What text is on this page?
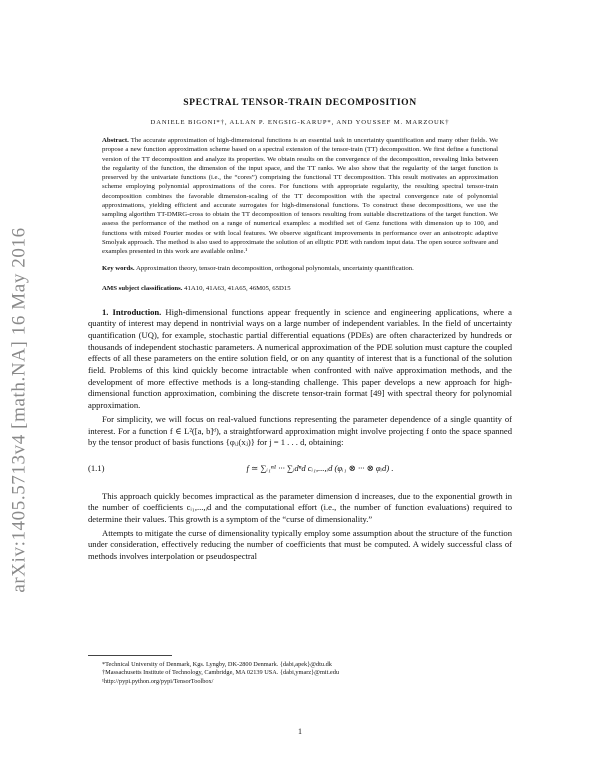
arXiv:1405.5713v4 [math.NA] 16 May 2016
SPECTRAL TENSOR-TRAIN DECOMPOSITION
DANIELE BIGONI*†, ALLAN P. ENGSIG-KARUP*, AND YOUSSEF M. MARZOUK†
Abstract. The accurate approximation of high-dimensional functions is an essential task in uncertainty quantification and many other fields. We propose a new function approximation scheme based on a spectral extension of the tensor-train (TT) decomposition. We first define a functional version of the TT decomposition and analyze its properties. We obtain results on the convergence of the decomposition, revealing links between the regularity of the function, the dimension of the input space, and the TT ranks. We also show that the regularity of the target function is preserved by the univariate functions (i.e., the “cores”) comprising the functional TT decomposition. This result motivates an approximation scheme employing polynomial approximations of the cores. For functions with appropriate regularity, the resulting spectral tensor-train decomposition combines the favorable dimension-scaling of the TT decomposition with the spectral convergence rate of polynomial approximations, yielding efficient and accurate surrogates for high-dimensional functions. To construct these decompositions, we use the sampling algorithm TT-DMRG-cross to obtain the TT decomposition of tensors resulting from suitable discretizations of the target function. We assess the performance of the method on a range of numerical examples: a modified set of Genz functions with dimension up to 100, and functions with mixed Fourier modes or with local features. We observe significant improvements in performance over an anisotropic adaptive Smolyak approach. The method is also used to approximate the solution of an elliptic PDE with random input data. The open source software and examples presented in this work are available online.¹
Key words. Approximation theory, tensor-train decomposition, orthogonal polynomials, uncertainty quantification.
AMS subject classifications. 41A10, 41A63, 41A65, 46M05, 65D15

1. Introduction. High-dimensional functions appear frequently in science and engineering applications, where a quantity of interest may depend in nontrivial ways on a large number of independent variables. In the field of uncertainty quantification (UQ), for example, stochastic partial differential equations (PDEs) are often characterized by hundreds or thousands of independent stochastic parameters. A numerical approximation of the PDE solution must capture the coupled effects of all these parameters on the entire solution field, or on any quantity of interest that is a functional of the solution field. Problems of this kind quickly become intractable when confronted with naïve approximation methods, and the development of more effective methods is a long-standing challenge. This paper develops a new approach for high-dimensional function approximation, combining the discrete tensor-train format [49] with spectral theory for polynomial approximation.

For simplicity, we will focus on real-valued functions representing the parameter dependence of a single quantity of interest. For a function f ∈ L²([a, b]ᵈ), a straightforward approximation might involve projecting f onto the space spanned by the tensor product of basis functions {φᵢⱼ(xⱼ)} for j = 1 . . . d, obtaining:

(1.1)	f ≃ ∑ᵢ₁ⁿ¹ ··· ∑ᵢdⁿd cᵢ₁,...,ᵢd (φᵢ₁ ⊗ ··· ⊗ φᵢd) .

This approach quickly becomes impractical as the parameter dimension d increases, due to the exponential growth in the number of coefficients cᵢ₁,...,ᵢd and the computational effort (i.e., the number of function evaluations) required to determine their values. This growth is a symptom of the “curse of dimensionality.”

Attempts to mitigate the curse of dimensionality typically employ some assumption about the structure of the function under consideration, effectively reducing the number of coefficients that must be computed. A widely successful class of methods involves interpolation or pseudospectral

*Technical University of Denmark, Kgs. Lyngby, DK-2800 Denmark. {dabi,apek}@dtu.dk
†Massachusetts Institute of Technology, Cambridge, MA 02139 USA. {dabi,ymarz}@mit.edu
¹http://pypi.python.org/pypi/TensorToolbox/
1
